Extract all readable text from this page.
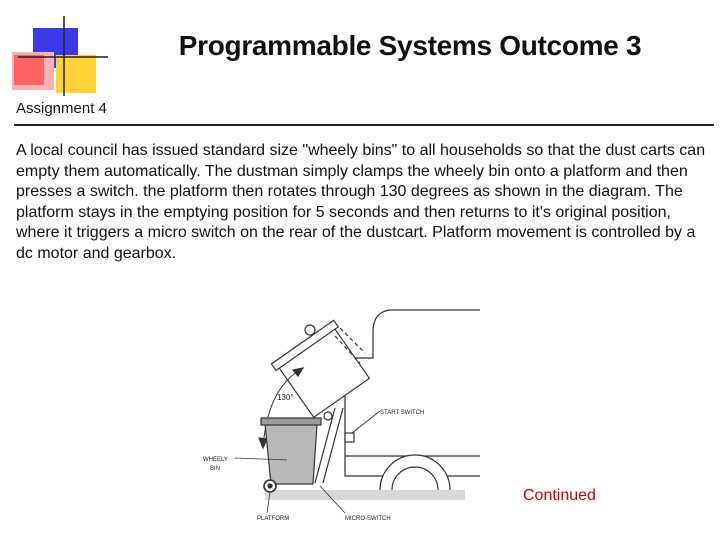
Programmable Systems Outcome 3
Assignment 4
A local council has issued standard size "wheely bins" to all households so that the dust carts can empty them automatically. The dustman simply clamps the wheely bin onto a platform and then presses a switch. the platform then rotates through 130 degrees as shown in the diagram. The platform stays in the emptying position for 5 seconds and then returns to it's original position, where it triggers a micro switch on the rear of the dustcart. Platform movement is controlled by a dc motor and gearbox.
130°
START SWITCH
WHEELY
BIN
PLATFORM	MICRO-SWITCH
Continued
